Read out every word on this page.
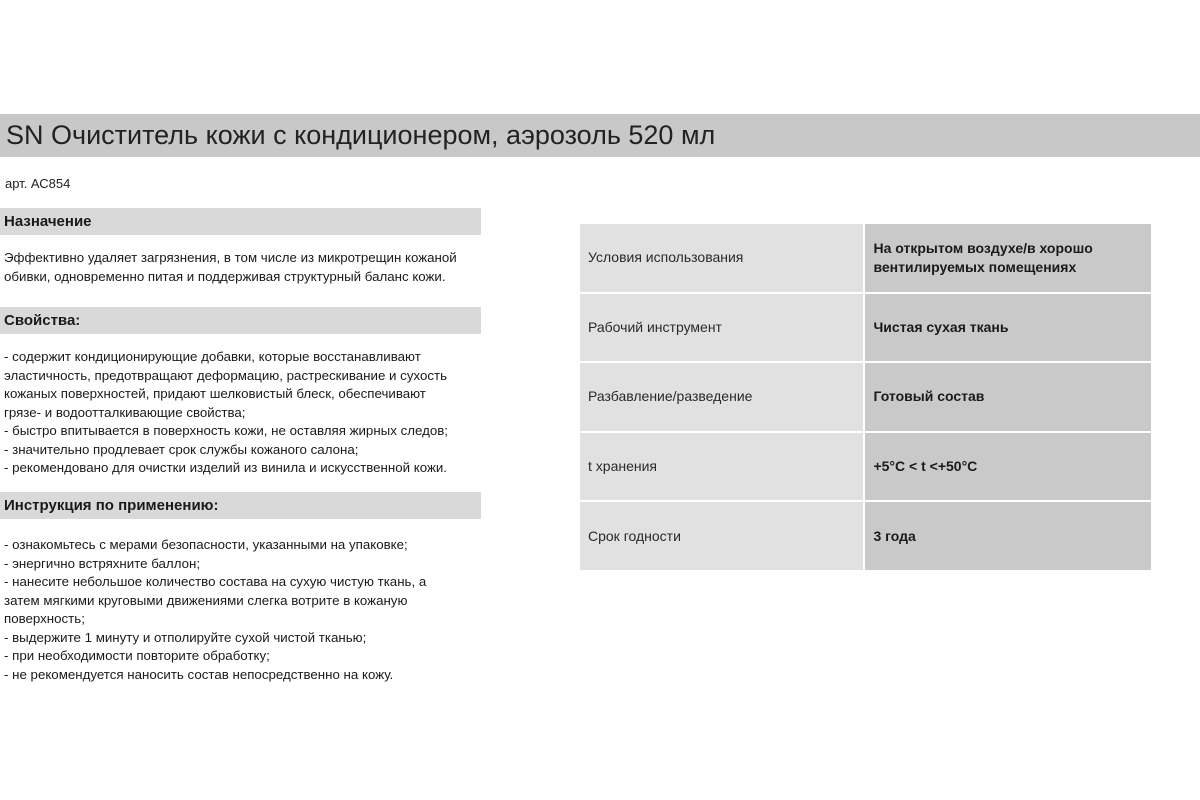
SN Очиститель кожи с кондиционером, аэрозоль 520 мл
арт. АС854
Назначение

Эффективно удаляет загрязнения, в том числе из микротрещин кожаной

обивки, одновременно питая и поддерживая структурный баланс кожи.

Свойства:

- содержит кондиционирующие добавки, которые восстанавливают

эластичность, предотвращают деформацию, растрескивание и сухость

кожаных поверхностей, придают шелковистый блеск, обеспечивают

грязе- и водоотталкивающие свойства;

- быстро впитывается в поверхность кожи, не оставляя жирных следов;

- значительно продлевает срок службы кожаного салона;

- рекомендовано для очистки изделий из винила и искусственной кожи.

Инструкция по применению:

- ознакомьтесь с мерами безопасности, указанными на упаковке;

- энергично встряхните баллон;

- нанесите небольшое количество состава на сухую чистую ткань, а

затем мягкими круговыми движениями слегка вотрите в кожаную

поверхность;

- выдержите 1 минуту и отполируйте сухой чистой тканью;

- при необходимости повторите обработку;

- не рекомендуется наносить состав непосредственно на кожу.

Условия использования	На открытом воздухе/в хорошо вентилируемых помещениях
Рабочий инструмент	Чистая сухая ткань
Разбавление/разведение	Готовый состав
t хранения	+5°С < t <+50°С
Срок годности	3 года
